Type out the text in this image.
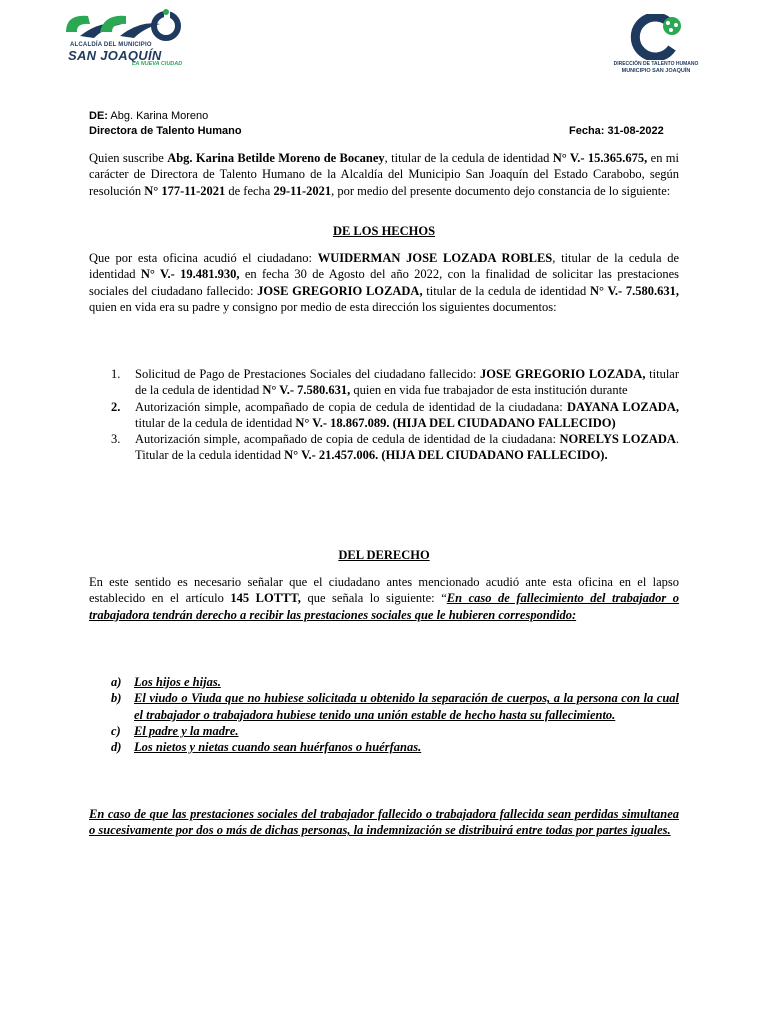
ALCALDÍA DEL MUNICIPIO
SAN JOAQUÍN
LA NUEVA CIUDAD	DIRECCIÓN DE TALENTO HUMANO
MUNICIPIO SAN JOAQUÍN
DE: Abg. Karina Moreno
Directora de Talento Humano	Fecha: 31-08-2022
Quien suscribe Abg. Karina Betilde Moreno de Bocaney, titular de la cedula de identidad N° V.- 15.365.675, en mi carácter de Directora de Talento Humano de la Alcaldía del Municipio San Joaquín del Estado Carabobo, según resolución N° 177-11-2021 de fecha 29-11-2021, por medio del presente documento dejo constancia de lo siguiente:
DE LOS HECHOS
Que por esta oficina acudió el ciudadano: WUIDERMAN JOSE LOZADA ROBLES, titular de la cedula de identidad N° V.- 19.481.930, en fecha 30 de Agosto del año 2022, con la finalidad de solicitar las prestaciones sociales del ciudadano fallecido: JOSE GREGORIO LOZADA, titular de la cedula de identidad N° V.- 7.580.631, quien en vida era su padre y consigno por medio de esta dirección los siguientes documentos:
1. Solicitud de Pago de Prestaciones Sociales del ciudadano fallecido: JOSE GREGORIO LOZADA, titular de la cedula de identidad N° V.- 7.580.631, quien en vida fue trabajador de esta institución durante
2. Autorización simple, acompañado de copia de cedula de identidad de la ciudadana: DAYANA LOZADA, titular de la cedula de identidad N° V.- 18.867.089. (HIJA DEL CIUDADANO FALLECIDO)
3. Autorización simple, acompañado de copia de cedula de identidad de la ciudadana: NORELYS LOZADA. Titular de la cedula identidad N° V.- 21.457.006. (HIJA DEL CIUDADANO FALLECIDO).
DEL DERECHO
En este sentido es necesario señalar que el ciudadano antes mencionado acudió ante esta oficina en el lapso establecido en el artículo 145 LOTTT, que señala lo siguiente: “En caso de fallecimiento del trabajador o trabajadora tendrán derecho a recibir las prestaciones sociales que le hubieren correspondido:
a) Los hijos e hijas.
b) El viudo o Viuda que no hubiese solicitada u obtenido la separación de cuerpos, a la persona con la cual el trabajador o trabajadora hubiese tenido una unión estable de hecho hasta su fallecimiento.
c) El padre y la madre.
d) Los nietos y nietas cuando sean huérfanos o huérfanas.
En caso de que las prestaciones sociales del trabajador fallecido o trabajadora fallecida sean perdidas simultanea o sucesivamente por dos o más de dichas personas, la indemnización se distribuirá entre todas por partes iguales.
